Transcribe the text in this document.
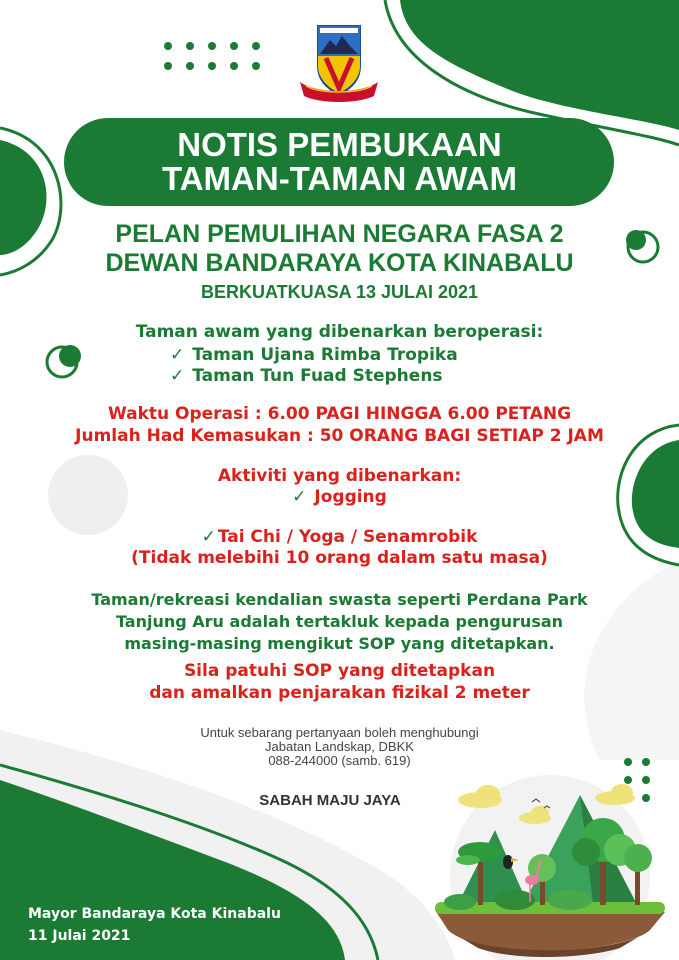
NOTIS PEMBUKAAN
TAMAN-TAMAN AWAM
PELAN PEMULIHAN NEGARA FASA 2
DEWAN BANDARAYA KOTA KINABALU
BERKUATKUASA 13 JULAI 2021
Taman awam yang dibenarkan beroperasi:
✓ Taman Ujana Rimba Tropika
✓ Taman Tun Fuad Stephens
Waktu Operasi : 6.00 PAGI HINGGA 6.00 PETANG
Jumlah Had Kemasukan : 50 ORANG BAGI SETIAP 2 JAM
Aktiviti yang dibenarkan:
✓ Jogging
✓ Tai Chi / Yoga / Senamrobik
(Tidak melebihi 10 orang dalam satu masa)
Taman/rekreasi kendalian swasta seperti Perdana Park
Tanjung Aru adalah tertakluk kepada pengurusan
masing-masing mengikut SOP yang ditetapkan.
Sila patuhi SOP yang ditetapkan
dan amalkan penjarakan fizikal 2 meter
Untuk sebarang pertanyaan boleh menghubungi
Jabatan Landskap, DBKK
088-244000 (samb. 619)
SABAH MAJU JAYA
Mayor Bandaraya Kota Kinabalu
11 Julai 2021
